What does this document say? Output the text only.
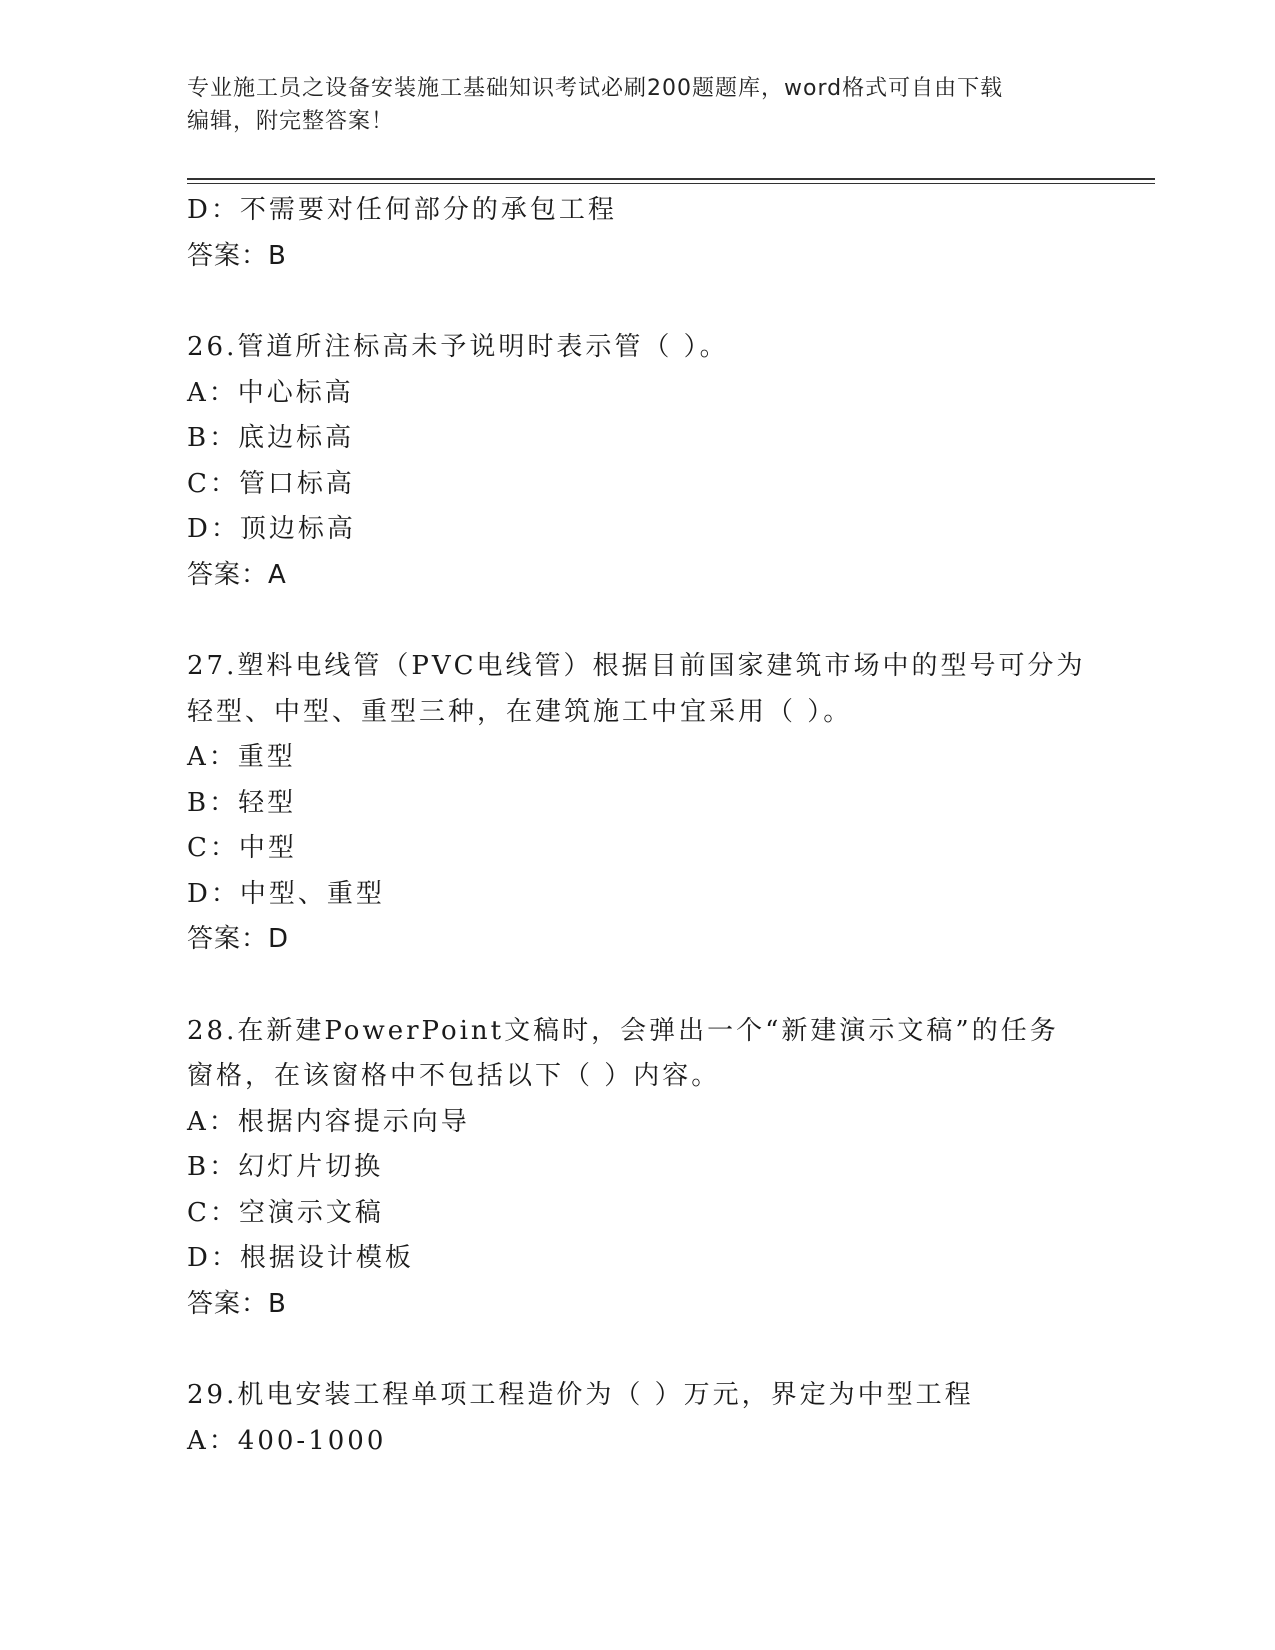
专业施工员之设备安装施工基础知识考试必刷200题题库，word格式可自由下载
编辑，附完整答案！
D：不需要对任何部分的承包工程
答案：B
26.管道所注标高未予说明时表示管（ ）。
A：中心标高
B：底边标高
C：管口标高
D：顶边标高
答案：A
27.塑料电线管（PVC电线管）根据目前国家建筑市场中的型号可分为
轻型、中型、重型三种，在建筑施工中宜采用（ ）。
A：重型
B：轻型
C：中型
D：中型、重型
答案：D
28.在新建PowerPoint文稿时，会弹出一个“新建演示文稿”的任务
窗格，在该窗格中不包括以下（ ）内容。
A：根据内容提示向导
B：幻灯片切换
C：空演示文稿
D：根据设计模板
答案：B
29.机电安装工程单项工程造价为（ ）万元，界定为中型工程
A：400-1000
